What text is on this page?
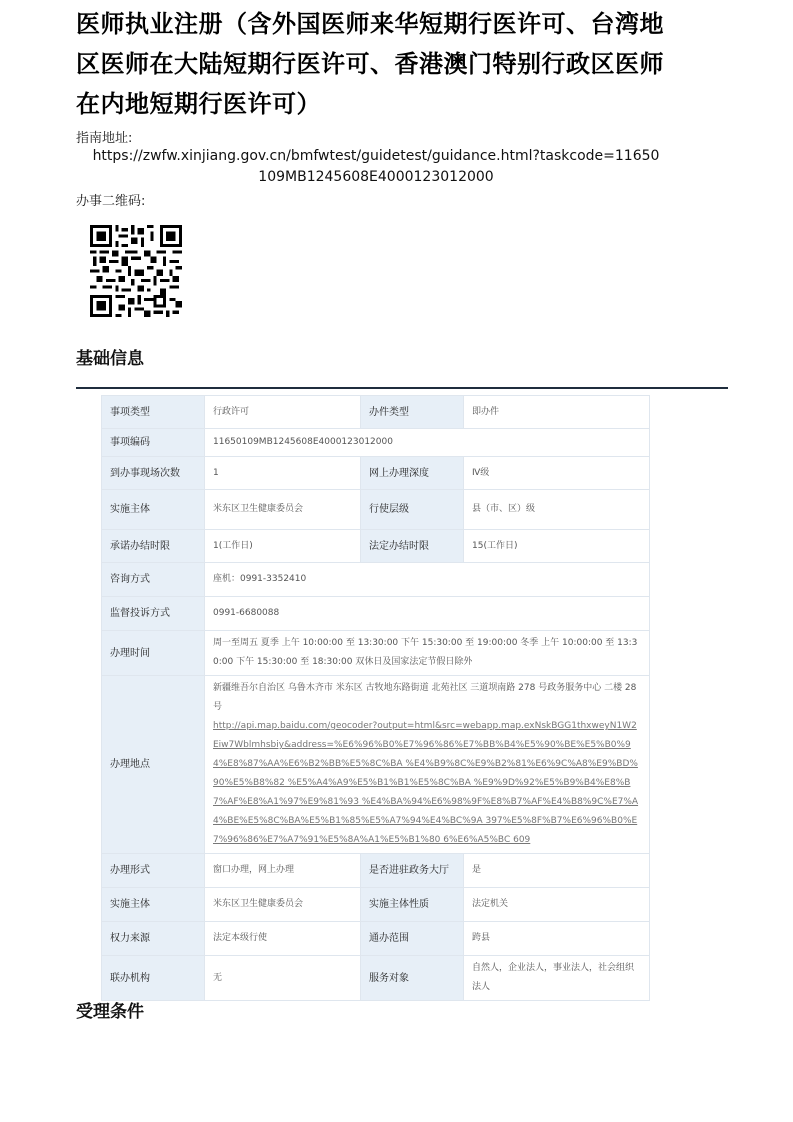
医师执业注册（含外国医师来华短期行医许可、台湾地区医师在大陆短期行医许可、香港澳门特别行政区医师在内地短期行医许可）
指南地址:
https://zwfw.xinjiang.gov.cn/bmfwtest/guidetest/guidance.html?taskcode=11650
109MB1245608E4000123012000
办事二维码:
基础信息
事项类型	行政许可	办件类型	即办件
事项编码	11650109MB1245608E4000123012000		
到办事现场次数	1	网上办理深度	Ⅳ级
实施主体	米东区卫生健康委员会	行使层级	县（市、区）级
承诺办结时限	1(工作日)	法定办结时限	15(工作日)
咨询方式	座机：0991-3352410		
监督投诉方式	0991-6680088		
办理时间	周一至周五 夏季 上午 10:00:00 至 13:30:00 下午 15:30:00 至 19:00:00 冬季 上午 10:00:00 至 13:30:00 下午 15:30:00 至 18:30:00 双休日及国家法定节假日除外		
办理地点	新疆维吾尔自治区 乌鲁木齐市 米东区 古牧地东路街道 北苑社区 三道坝南路 278 号政务服务中心 二楼 28 号
http://api.map.baidu.com/geocoder?output=html&src=webapp.map.exNskBGG1thxweyN1W2Eiw7Wblmhsbiy&address=%E6%96%B0%E7%96%86%E7%BB%B4%E5%90%BE%E5%B0%94%E8%87%AA%E6%B2%BB%E5%8C%BA %E4%B9%8C%E9%B2%81%E6%9C%A8%E9%BD%90%E5%B8%82 %E5%A4%A9%E5%B1%B1%E5%8C%BA %E9%9D%92%E5%B9%B4%E8%B7%AF%E8%A1%97%E9%81%93 %E4%BA%94%E6%98%9F%E8%B7%AF%E4%B8%9C%E7%A4%BE%E5%8C%BA%E5%B1%85%E5%A7%94%E4%BC%9A 397%E5%8F%B7%E6%96%B0%E7%96%86%E7%A7%91%E5%8A%A1%E5%B1%80 6%E6%A5%BC 609		

办理形式	窗口办理，网上办理	是否进驻政务大厅	是
实施主体	米东区卫生健康委员会	实施主体性质	法定机关
权力来源	法定本级行使	通办范围	跨县
联办机构	无	服务对象	自然人，企业法人，事业法人，社会组织法人
受理条件
